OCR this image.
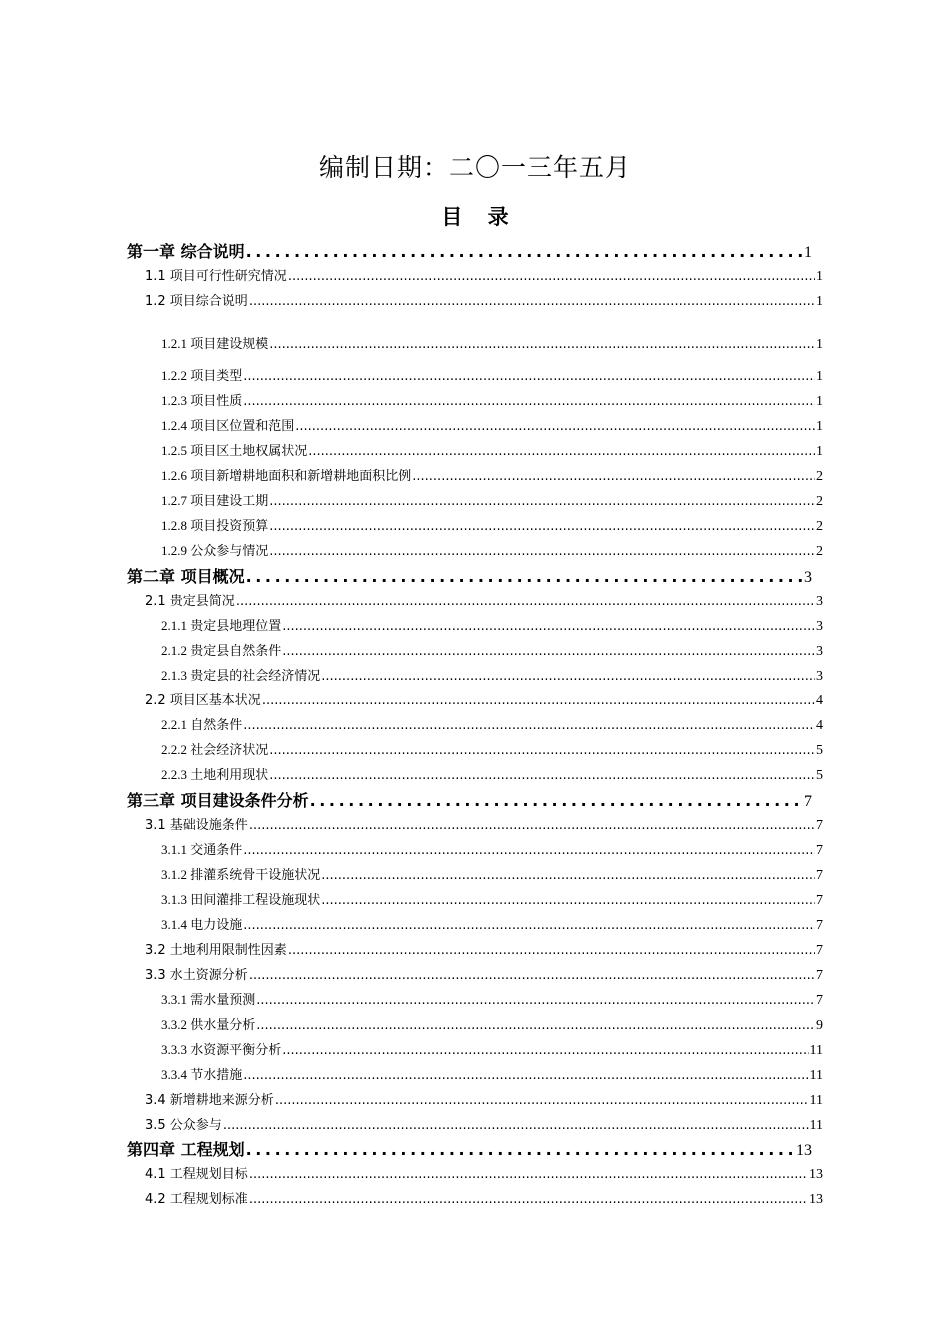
编制日期：二〇一三年五月
目 录
第一章 综合说明 .....	1
1.1 项目可行性研究情况 .....	1
1.2 项目综合说明 .....	1
1.2.1 项目建设规模 .....	1
1.2.2 项目类型 .....	1
1.2.3 项目性质 .....	1
1.2.4 项目区位置和范围 .....	1
1.2.5 项目区土地权属状况 .....	1
1.2.6 项目新增耕地面积和新增耕地面积比例 .....	2
1.2.7 项目建设工期 .....	2
1.2.8 项目投资预算 .....	2
1.2.9 公众参与情况 .....	2
第二章 项目概况 .....	3
2.1 贵定县简况 .....	3
2.1.1 贵定县地理位置 .....	3
2.1.2 贵定县自然条件 .....	3
2.1.3 贵定县的社会经济情况 .....	3
2.2 项目区基本状况 .....	4
2.2.1 自然条件 .....	4
2.2.2 社会经济状况 .....	5
2.2.3 土地利用现状 .....	5
第三章 项目建设条件分析 .....	7
3.1 基础设施条件 .....	7
3.1.1 交通条件 .....	7
3.1.2 排灌系统骨干设施状况 .....	7
3.1.3 田间灌排工程设施现状 .....	7
3.1.4 电力设施 .....	7
3.2 土地利用限制性因素 .....	7
3.3 水土资源分析 .....	7
3.3.1 需水量预测 .....	7
3.3.2 供水量分析 .....	9
3.3.3 水资源平衡分析 .....	11
3.3.4 节水措施 .....	11
3.4 新增耕地来源分析 .....	11
3.5 公众参与 .....	11
第四章 工程规划 .....	13
4.1 工程规划目标 .....	13
4.2 工程规划标准 .....	13
